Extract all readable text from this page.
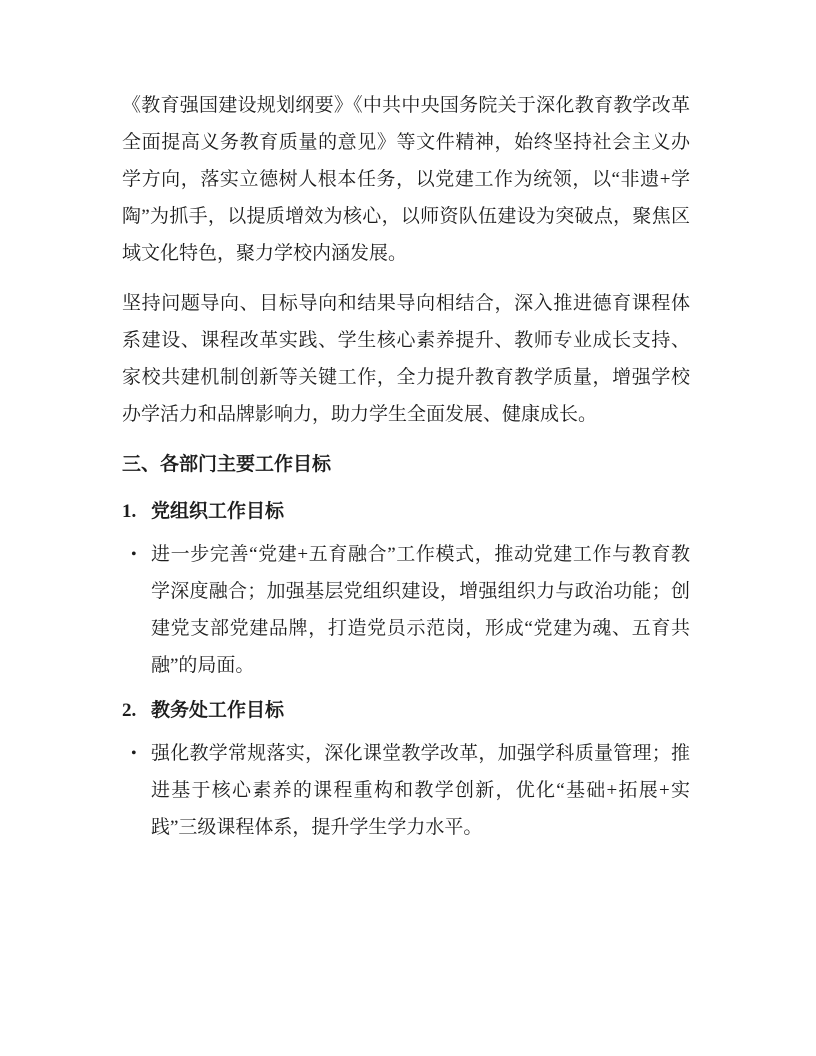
《教育强国建设规划纲要》《中共中央国务院关于深化教育教学改革全面提高义务教育质量的意见》等文件精神，始终坚持社会主义办学方向，落实立德树人根本任务，以党建工作为统领，以“非遗+学陶”为抓手，以提质增效为核心，以师资队伍建设为突破点，聚焦区域文化特色，聚力学校内涵发展。

坚持问题导向、目标导向和结果导向相结合，深入推进德育课程体系建设、课程改革实践、学生核心素养提升、教师专业成长支持、家校共建机制创新等关键工作，全力提升教育教学质量，增强学校办学活力和品牌影响力，助力学生全面发展、健康成长。

三、各部门主要工作目标
1. 党组织工作目标
• 进一步完善“党建+五育融合”工作模式，推动党建工作与教育教学深度融合；加强基层党组织建设，增强组织力与政治功能；创建党支部党建品牌，打造党员示范岗，形成“党建为魂、五育共融”的局面。
2. 教务处工作目标
• 强化教学常规落实，深化课堂教学改革，加强学科质量管理；推进基于核心素养的课程重构和教学创新，优化“基础+拓展+实践”三级课程体系，提升学生学力水平。
